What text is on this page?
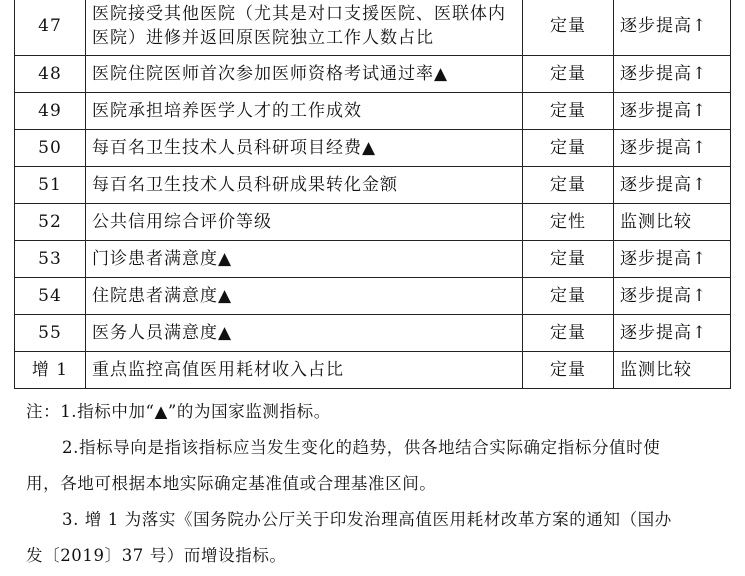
47	医院接受其他医院（尤其是对口支援医院、医联体内医院）进修并返回原医院独立工作人数占比	定量	逐步提高↑
48	医院住院医师首次参加医师资格考试通过率▲	定量	逐步提高↑
49	医院承担培养医学人才的工作成效	定量	逐步提高↑
50	每百名卫生技术人员科研项目经费▲	定量	逐步提高↑
51	每百名卫生技术人员科研成果转化金额	定量	逐步提高↑
52	公共信用综合评价等级	定性	监测比较
53	门诊患者满意度▲	定量	逐步提高↑
54	住院患者满意度▲	定量	逐步提高↑
55	医务人员满意度▲	定量	逐步提高↑
增 1	重点监控高值医用耗材收入占比	定量	监测比较

注：1.指标中加“▲”的为国家监测指标。

2.指标导向是指该指标应当发生变化的趋势，供各地结合实际确定指标分值时使

用，各地可根据本地实际确定基准值或合理基准区间。

3. 增 1 为落实《国务院办公厅关于印发治理高值医用耗材改革方案的通知（国办

发〔2019〕37 号）而增设指标。
